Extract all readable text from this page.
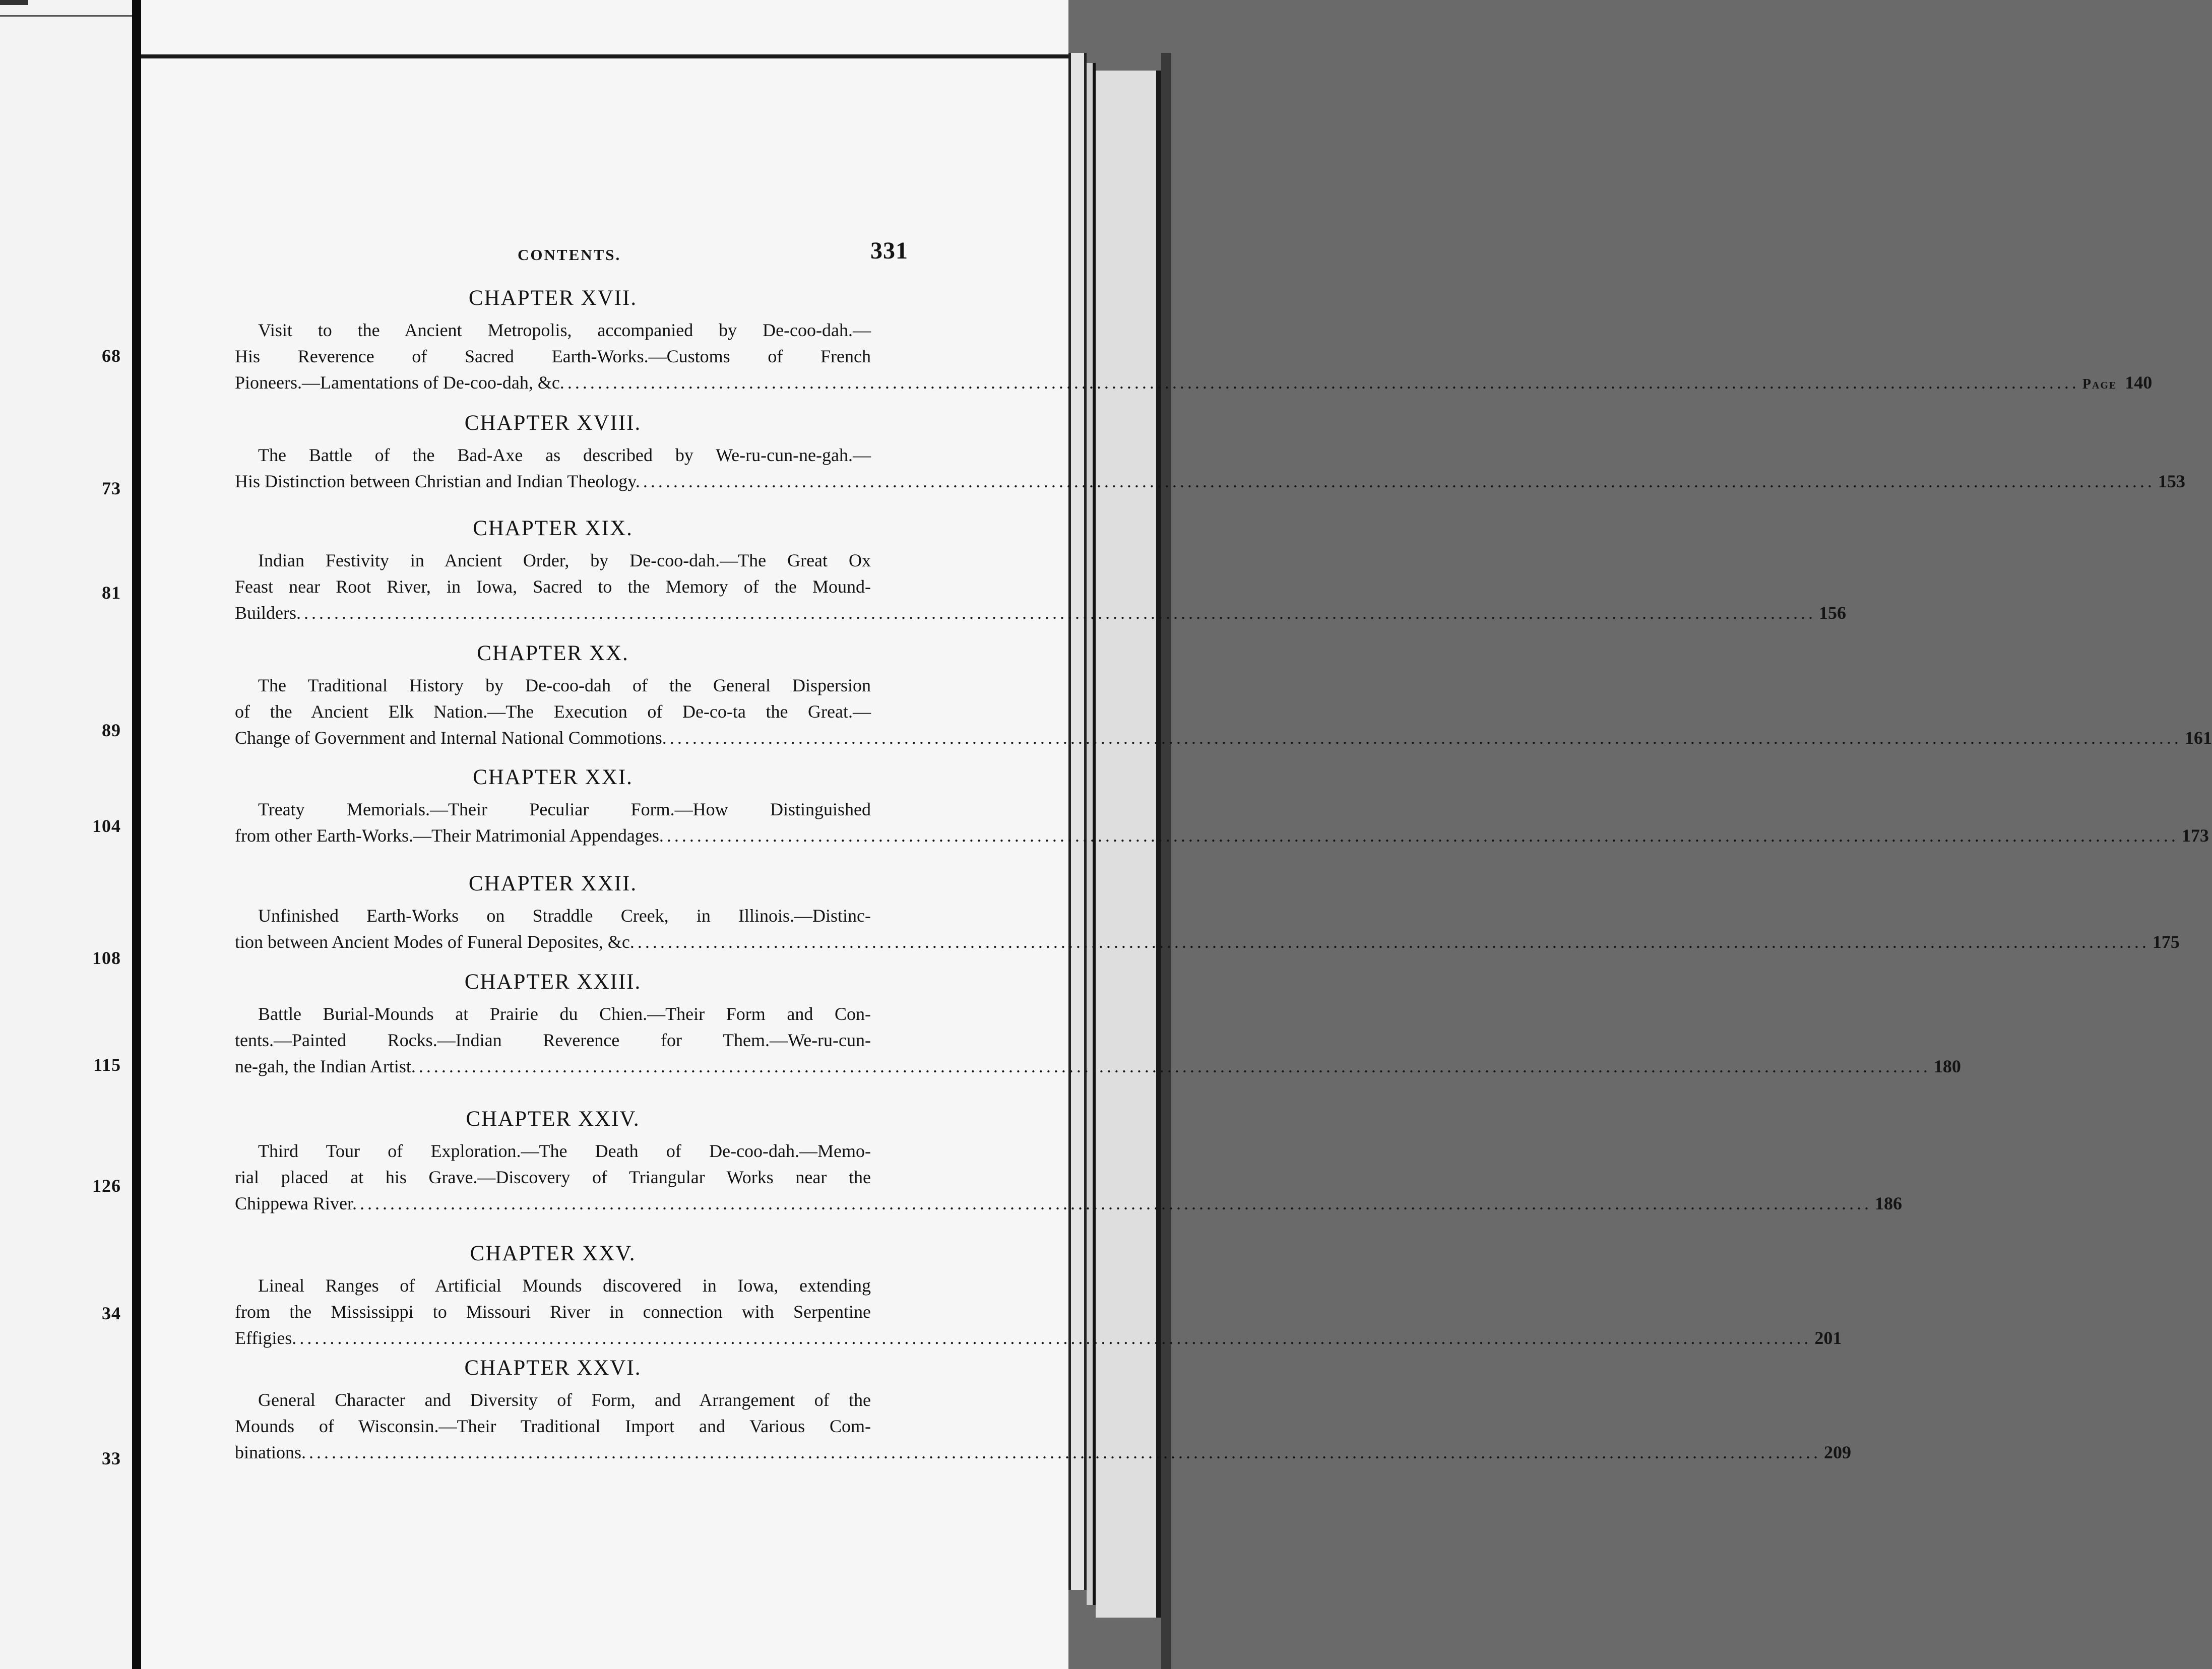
68
73
81
89
104
108
115
126
34
33
CONTENTS.	331
CHAPTER XVII.
Visit to the Ancient Metropolis, accompanied by De-coo-dah.—
His Reverence of Sacred Earth-Works.—Customs of French
Pioneers.—Lamentations of De-coo-dah, &c. ........................................................................................................................................................................................................ Page 140
CHAPTER XVIII.
The Battle of the Bad-Axe as described by We-ru-cun-ne-gah.—
His Distinction between Christian and Indian Theology. ........................................................................................................................................................................................................ 153
CHAPTER XIX.
Indian Festivity in Ancient Order, by De-coo-dah.—The Great Ox
Feast near Root River, in Iowa, Sacred to the Memory of the Mound-
Builders. ........................................................................................................................................................................................................ 156
CHAPTER XX.
The Traditional History by De-coo-dah of the General Dispersion
of the Ancient Elk Nation.—The Execution of De-co-ta the Great.—
Change of Government and Internal National Commotions. ........................................................................................................................................................................................................ 161
CHAPTER XXI.
Treaty Memorials.—Their Peculiar Form.—How Distinguished
from other Earth-Works.—Their Matrimonial Appendages. ........................................................................................................................................................................................................ 173
CHAPTER XXII.
Unfinished Earth-Works on Straddle Creek, in Illinois.—Distinc-
tion between Ancient Modes of Funeral Deposites, &c. ........................................................................................................................................................................................................ 175
CHAPTER XXIII.
Battle Burial-Mounds at Prairie du Chien.—Their Form and Con-
tents.—Painted Rocks.—Indian Reverence for Them.—We-ru-cun-
ne-gah, the Indian Artist. ........................................................................................................................................................................................................ 180
CHAPTER XXIV.
Third Tour of Exploration.—The Death of De-coo-dah.—Memo-
rial placed at his Grave.—Discovery of Triangular Works near the
Chippewa River. ........................................................................................................................................................................................................ 186
CHAPTER XXV.
Lineal Ranges of Artificial Mounds discovered in Iowa, extending
from the Mississippi to Missouri River in connection with Serpentine
Effigies. ........................................................................................................................................................................................................ 201
CHAPTER XXVI.
General Character and Diversity of Form, and Arrangement of the
Mounds of Wisconsin.—Their Traditional Import and Various Com-
binations. ........................................................................................................................................................................................................ 209
